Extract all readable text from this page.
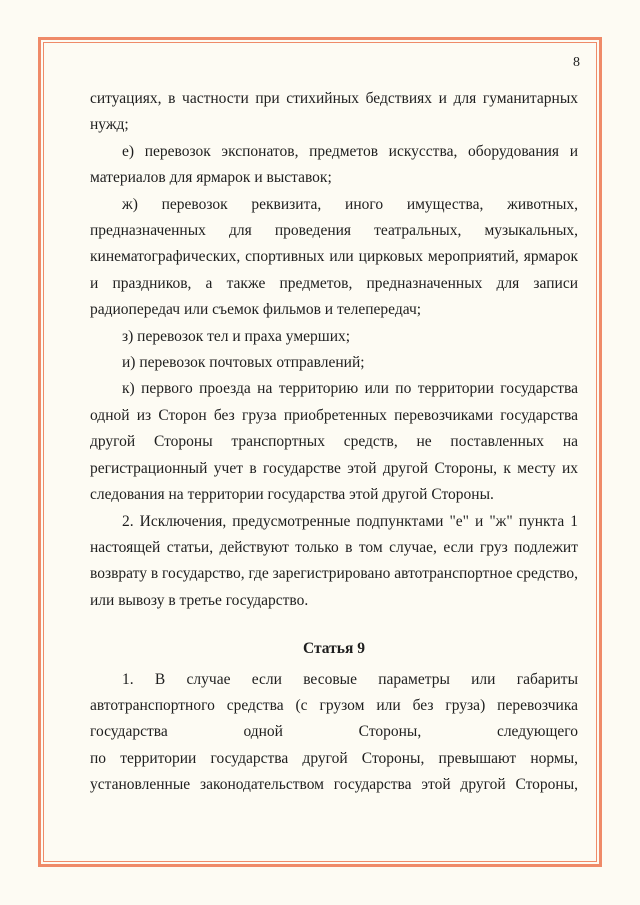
8

ситуациях, в частности при стихийных бедствиях и для гуманитарных нужд;

е) перевозок экспонатов, предметов искусства, оборудования и материалов для ярмарок и выставок;

ж) перевозок реквизита, иного имущества, животных, предназначенных для проведения театральных, музыкальных, кинематографических, спортивных или цирковых мероприятий, ярмарок и праздников, а также предметов, предназначенных для записи радиопередач или съемок фильмов и телепередач;

з) перевозок тел и праха умерших;

и) перевозок почтовых отправлений;

к) первого проезда на территорию или по территории государства одной из Сторон без груза приобретенных перевозчиками государства другой Стороны транспортных средств, не поставленных на регистрационный учет в государстве этой другой Стороны, к месту их следования на территории государства этой другой Стороны.

2. Исключения, предусмотренные подпунктами "е" и "ж" пункта 1 настоящей статьи, действуют только в том случае, если груз подлежит возврату в государство, где зарегистрировано автотранспортное средство, или вывозу в третье государство.

Статья 9

1. В случае если весовые параметры или габариты

автотранспортного средства (с грузом или без груза) перевозчика

государства одной Стороны, следующего

по территории государства другой Стороны, превышают нормы,

установленные законодательством государства этой другой Стороны,
